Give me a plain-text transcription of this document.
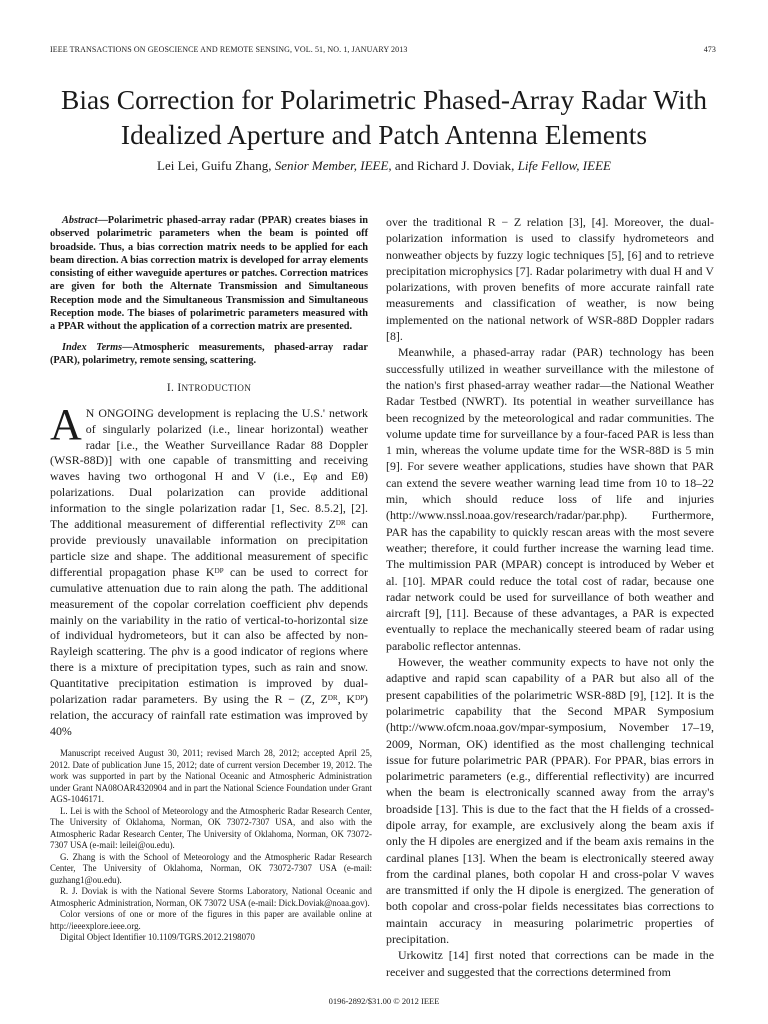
IEEE TRANSACTIONS ON GEOSCIENCE AND REMOTE SENSING, VOL. 51, NO. 1, JANUARY 2013	473
Bias Correction for Polarimetric Phased-Array Radar With Idealized Aperture and Patch Antenna Elements
Lei Lei, Guifu Zhang, Senior Member, IEEE, and Richard J. Doviak, Life Fellow, IEEE

Abstract—Polarimetric phased-array radar (PPAR) creates biases in observed polarimetric parameters when the beam is pointed off broadside. Thus, a bias correction matrix needs to be applied for each beam direction. A bias correction matrix is developed for array elements consisting of either waveguide apertures or patches. Correction matrices are given for both the Alternate Transmission and Simultaneous Reception mode and the Simultaneous Transmission and Simultaneous Reception mode. The biases of polarimetric parameters measured with a PPAR without the application of a correction matrix are presented.

Index Terms—Atmospheric measurements, phased-array radar (PAR), polarimetry, remote sensing, scattering.

I. INTRODUCTION

A N ONGOING development is replacing the U.S.' network of singularly polarized (i.e., linear horizontal) weather radar [i.e., the Weather Surveillance Radar 88 Doppler (WSR-88D)] with one capable of transmitting and receiving waves having two orthogonal H and V (i.e., Eφ and Eθ) polarizations. Dual polarization can provide additional information to the single polarization radar [1, Sec. 8.5.2], [2]. The additional measurement of differential reflectivity Zᴰᴿ can provide previously unavailable information on precipitation particle size and shape. The additional measurement of specific differential propagation phase Kᴰᴾ can be used to correct for cumulative attenuation due to rain along the path. The additional measurement of the copolar correlation coefficient ρhv depends mainly on the variability in the ratio of vertical-to-horizontal size of individual hydrometeors, but it can also be affected by non-Rayleigh scattering. The ρhv is a good indicator of regions where there is a mixture of precipitation types, such as rain and snow. Quantitative precipitation estimation is improved by dual-polarization radar parameters. By using the R − (Z, Zᴰᴿ, Kᴰᴾ) relation, the accuracy of rainfall rate estimation was improved by 40%

Manuscript received August 30, 2011; revised March 28, 2012; accepted April 25, 2012. Date of publication June 15, 2012; date of current version December 19, 2012. The work was supported in part by the National Oceanic and Atmospheric Administration under Grant NA08OAR4320904 and in part the National Science Foundation under Grant AGS-1046171.

L. Lei is with the School of Meteorology and the Atmospheric Radar Research Center, The University of Oklahoma, Norman, OK 73072-7307 USA, and also with the Atmospheric Radar Research Center, The University of Oklahoma, Norman, OK 73072-7307 USA (e-mail: leilei@ou.edu).

G. Zhang is with the School of Meteorology and the Atmospheric Radar Research Center, The University of Oklahoma, Norman, OK 73072-7307 USA (e-mail: guzhang1@ou.edu).

R. J. Doviak is with the National Severe Storms Laboratory, National Oceanic and Atmospheric Administration, Norman, OK 73072 USA (e-mail: Dick.Doviak@noaa.gov).

Color versions of one or more of the figures in this paper are available online at http://ieeexplore.ieee.org.

Digital Object Identifier 10.1109/TGRS.2012.2198070

over the traditional R − Z relation [3], [4]. Moreover, the dual-polarization information is used to classify hydrometeors and nonweather objects by fuzzy logic techniques [5], [6] and to retrieve precipitation microphysics [7]. Radar polarimetry with dual H and V polarizations, with proven benefits of more accurate rainfall rate measurements and classification of weather, is now being implemented on the national network of WSR-88D Doppler radars [8].

Meanwhile, a phased-array radar (PAR) technology has been successfully utilized in weather surveillance with the milestone of the nation's first phased-array weather radar—the National Weather Radar Testbed (NWRT). Its potential in weather surveillance has been recognized by the meteorological and radar communities. The volume update time for surveillance by a four-faced PAR is less than 1 min, whereas the volume update time for the WSR-88D is 5 min [9]. For severe weather applications, studies have shown that PAR can extend the severe weather warning lead time from 10 to 18–22 min, which should reduce loss of life and injuries (http://www.nssl.noaa.gov/research/radar/par.php). Furthermore, PAR has the capability to quickly rescan areas with the most severe weather; therefore, it could further increase the warning lead time. The multimission PAR (MPAR) concept is introduced by Weber et al. [10]. MPAR could reduce the total cost of radar, because one radar network could be used for surveillance of both weather and aircraft [9], [11]. Because of these advantages, a PAR is expected eventually to replace the mechanically steered beam of radar using parabolic reflector antennas.

However, the weather community expects to have not only the adaptive and rapid scan capability of a PAR but also all of the present capabilities of the polarimetric WSR-88D [9], [12]. It is the polarimetric capability that the Second MPAR Symposium (http://www.ofcm.noaa.gov/mpar-symposium, November 17–19, 2009, Norman, OK) identified as the most challenging technical issue for future polarimetric PAR (PPAR). For PPAR, bias errors in polarimetric parameters (e.g., differential reflectivity) are incurred when the beam is electronically scanned away from the array's broadside [13]. This is due to the fact that the H fields of a crossed-dipole array, for example, are exclusively along the beam axis if only the H dipoles are energized and if the beam axis remains in the cardinal planes [13]. When the beam is electronically steered away from the cardinal planes, both copolar H and cross-polar V waves are transmitted if only the H dipole is energized. The generation of both copolar and cross-polar fields necessitates bias corrections to maintain accuracy in measuring polarimetric properties of precipitation.

Urkowitz [14] first noted that corrections can be made in the receiver and suggested that the corrections determined from

0196-2892/$31.00 © 2012 IEEE
